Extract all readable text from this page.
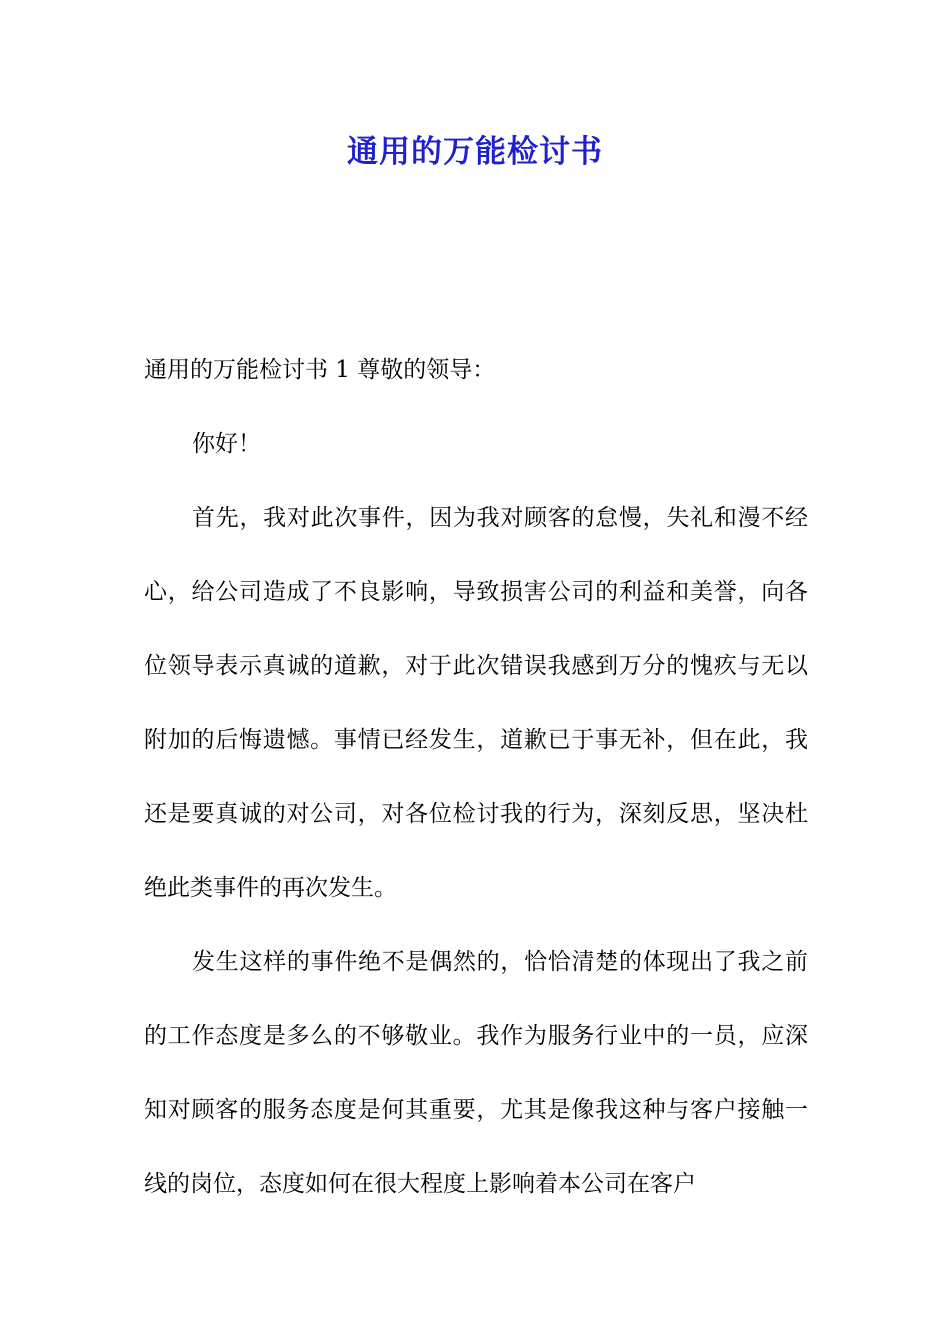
通用的万能检讨书

通用的万能检讨书 1 尊敬的领导：

你好！

首先，我对此次事件，因为我对顾客的怠慢，失礼和漫不经心，给公司造成了不良影响，导致损害公司的利益和美誉，向各位领导表示真诚的道歉，对于此次错误我感到万分的愧疚与无以附加的后悔遗憾。事情已经发生，道歉已于事无补，但在此，我还是要真诚的对公司，对各位检讨我的行为，深刻反思，坚决杜绝此类事件的再次发生。

发生这样的事件绝不是偶然的，恰恰清楚的体现出了我之前的工作态度是多么的不够敬业。我作为服务行业中的一员，应深知对顾客的服务态度是何其重要，尤其是像我这种与客户接触一线的岗位，态度如何在很大程度上影响着本公司在客户
